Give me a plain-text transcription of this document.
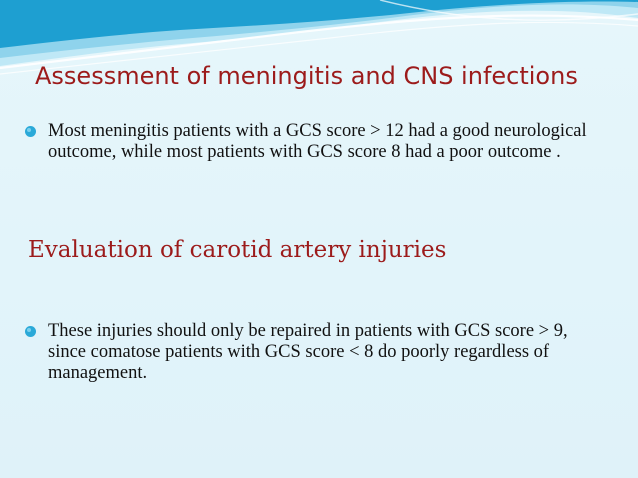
Assessment of meningitis and CNS infections
Most meningitis patients with a GCS score > 12 had a good neurological outcome, while most patients with GCS score 8 had a poor outcome .
Evaluation of carotid artery injuries
These injuries should only be repaired in patients with GCS score > 9, since comatose patients with GCS score < 8 do poorly regardless of management.
